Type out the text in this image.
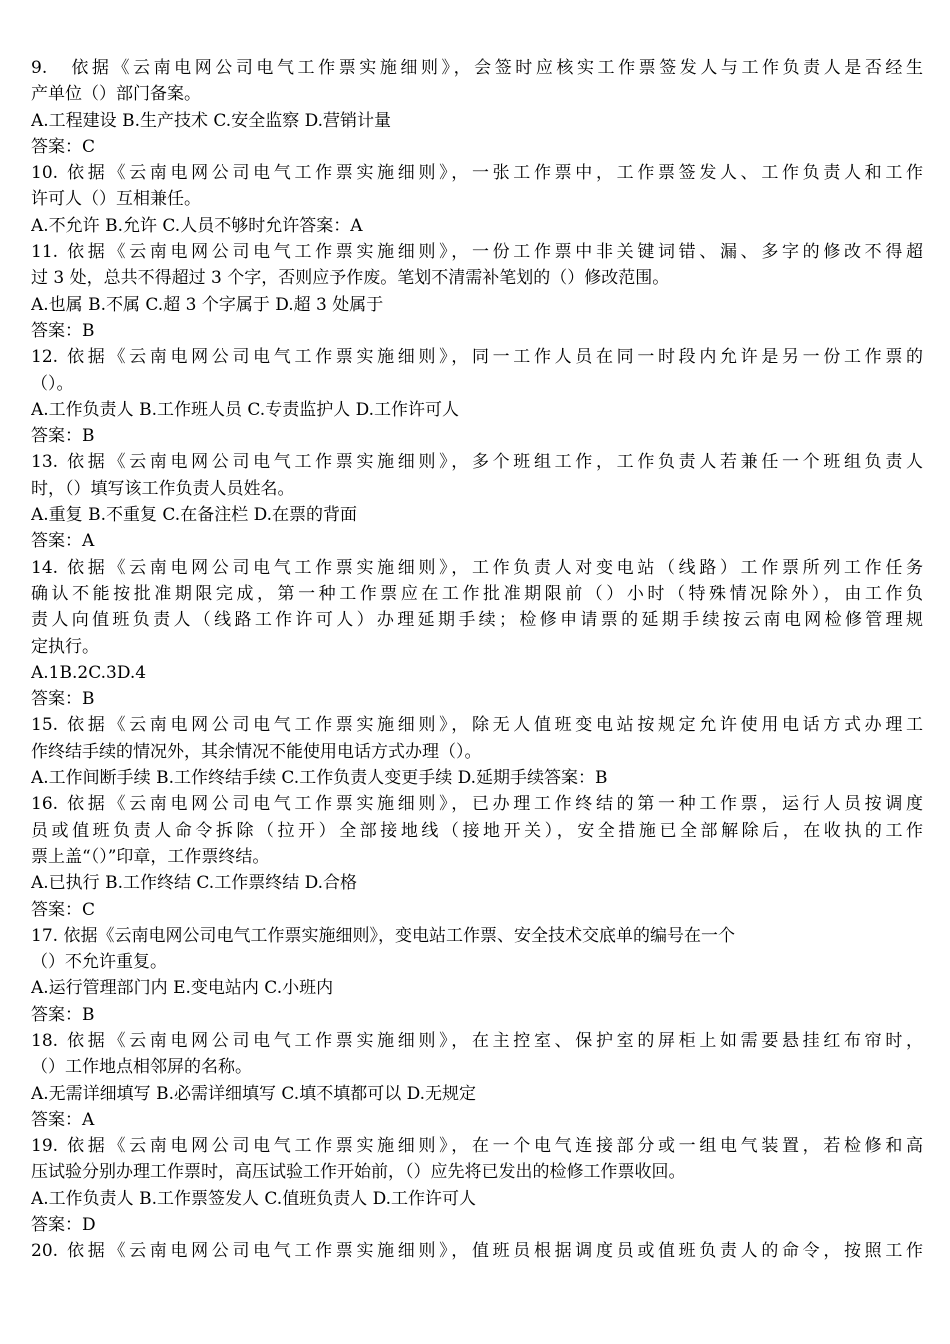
9.　依据《云南电网公司电气工作票实施细则》，会签时应核实工作票签发人与工作负责人是否经生
产单位（）部门备案。
A.工程建设 B.生产技术 C.安全监察 D.营销计量
答案：C
10. 依据《云南电网公司电气工作票实施细则》，一张工作票中，工作票签发人、工作负责人和工作
许可人（）互相兼任。
A.不允许 B.允许 C.人员不够时允许答案：A
11. 依据《云南电网公司电气工作票实施细则》，一份工作票中非关键词错、漏、多字的修改不得超
过 3 处，总共不得超过 3 个字，否则应予作废。笔划不清需补笔划的（）修改范围。
A.也属 B.不属 C.超 3 个字属于 D.超 3 处属于
答案：B
12. 依据《云南电网公司电气工作票实施细则》，同一工作人员在同一时段内允许是另一份工作票的
（）。
A.工作负责人 B.工作班人员 C.专责监护人 D.工作许可人
答案：B
13. 依据《云南电网公司电气工作票实施细则》，多个班组工作，工作负责人若兼任一个班组负责人
时，（）填写该工作负责人员姓名。
A.重复 B.不重复 C.在备注栏 D.在票的背面
答案：A
14. 依据《云南电网公司电气工作票实施细则》，工作负责人对变电站（线路）工作票所列工作任务
确认不能按批准期限完成，第一种工作票应在工作批准期限前（）小时（特殊情况除外），由工作负
责人向值班负责人（线路工作许可人）办理延期手续；检修申请票的延期手续按云南电网检修管理规
定执行。
A.1B.2C.3D.4
答案：B
15. 依据《云南电网公司电气工作票实施细则》，除无人值班变电站按规定允许使用电话方式办理工
作终结手续的情况外，其余情况不能使用电话方式办理（）。
A.工作间断手续 B.工作终结手续 C.工作负责人变更手续 D.延期手续答案：B
16. 依据《云南电网公司电气工作票实施细则》，已办理工作终结的第一种工作票，运行人员按调度
员或值班负责人命令拆除（拉开）全部接地线（接地开关），安全措施已全部解除后，在收执的工作
票上盖“（）”印章，工作票终结。
A.已执行 B.工作终结 C.工作票终结 D.合格
答案：C
17. 依据《云南电网公司电气工作票实施细则》，变电站工作票、安全技术交底单的编号在一个
（）不允许重复。
A.运行管理部门内 E.变电站内 C.小班内
答案：B
18. 依据《云南电网公司电气工作票实施细则》，在主控室、保护室的屏柜上如需要悬挂红布帘时，
（）工作地点相邻屏的名称。
A.无需详细填写 B.必需详细填写 C.填不填都可以 D.无规定
答案：A
19. 依据《云南电网公司电气工作票实施细则》，在一个电气连接部分或一组电气装置，若检修和高
压试验分别办理工作票时，高压试验工作开始前，（）应先将已发出的检修工作票收回。
A.工作负责人 B.工作票签发人 C.值班负责人 D.工作许可人
答案：D
20. 依据《云南电网公司电气工作票实施细则》，值班员根据调度员或值班负责人的命令，按照工作
